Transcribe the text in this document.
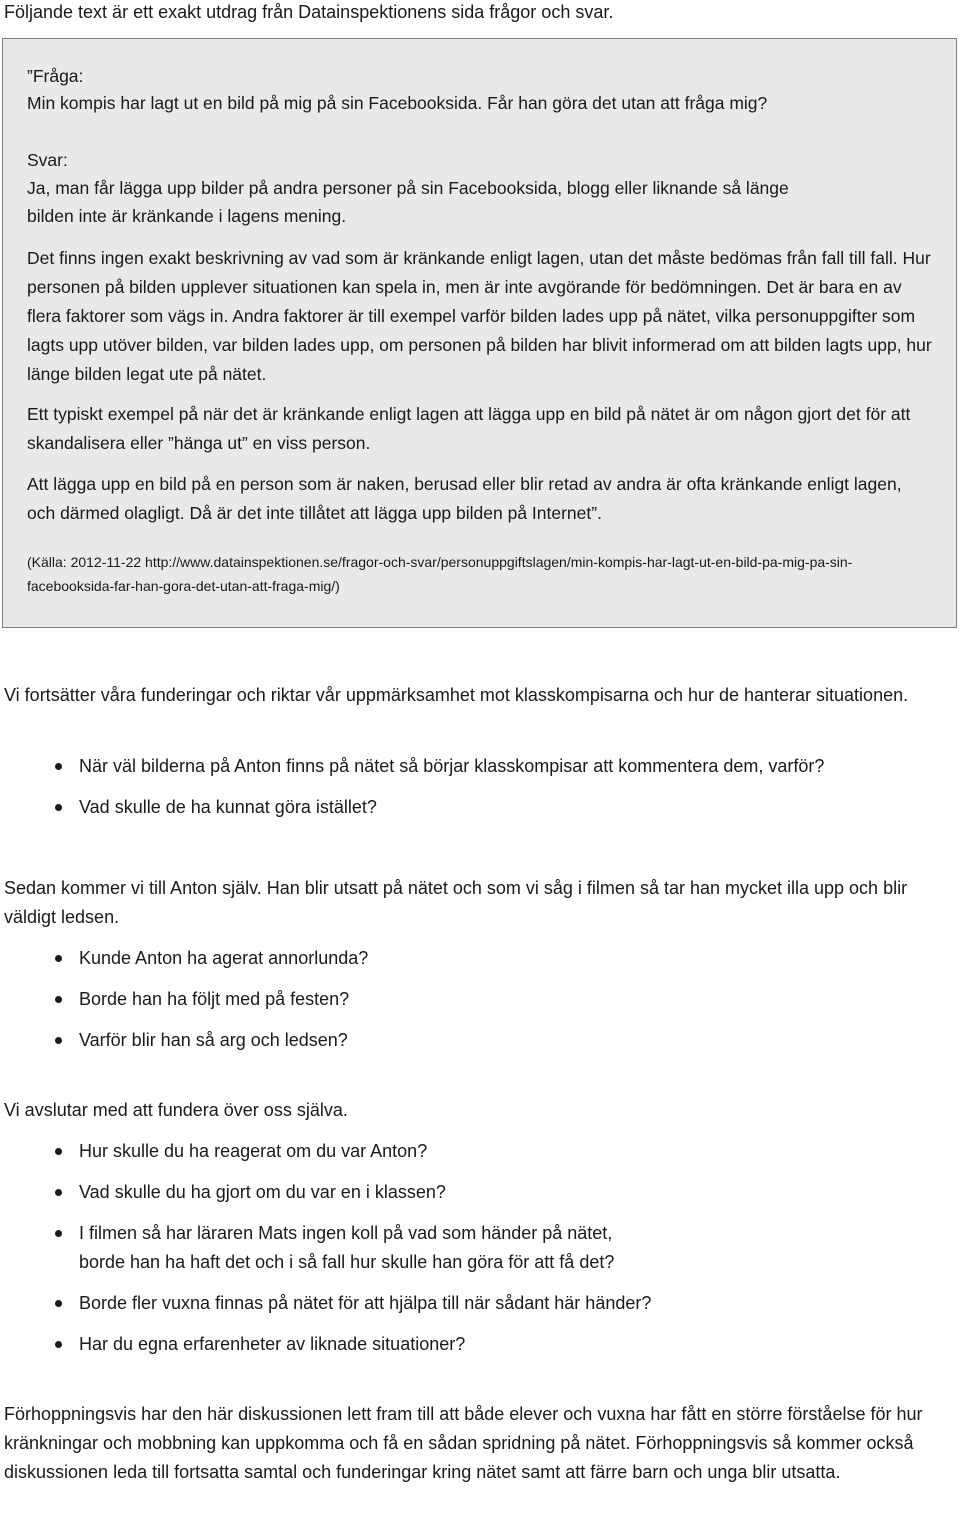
Följande text är ett exakt utdrag från Datainspektionens sida frågor och svar.
”Fråga:
Min kompis har lagt ut en bild på mig på sin Facebooksida. Får han göra det utan att fråga mig?
Svar:
Ja, man får lägga upp bilder på andra personer på sin Facebooksida, blogg eller liknande så länge
bilden inte är kränkande i lagens mening.
Det finns ingen exakt beskrivning av vad som är kränkande enligt lagen, utan det måste bedömas från fall till fall. Hur personen på bilden upplever situationen kan spela in, men är inte avgörande för bedömningen. Det är bara en av flera faktorer som vägs in. Andra faktorer är till exempel varför bilden lades upp på nätet, vilka personuppgifter som lagts upp utöver bilden, var bilden lades upp, om personen på bilden har blivit informerad om att bilden lagts upp, hur länge bilden legat ute på nätet.
Ett typiskt exempel på när det är kränkande enligt lagen att lägga upp en bild på nätet är om någon gjort det för att skandalisera eller ”hänga ut” en viss person.
Att lägga upp en bild på en person som är naken, berusad eller blir retad av andra är ofta kränkande enligt lagen, och därmed olagligt. Då är det inte tillåtet att lägga upp bilden på Internet”.
(Källa: 2012-11-22 http://www.datainspektionen.se/fragor-och-svar/personuppgiftslagen/min-kompis-har-lagt-ut-en-bild-pa-mig-pa-sin-facebooksida-far-han-gora-det-utan-att-fraga-mig/)
Vi fortsätter våra funderingar och riktar vår uppmärksamhet mot klasskompisarna och hur de hanterar situationen.
När väl bilderna på Anton finns på nätet så börjar klasskompisar att kommentera dem, varför?
Vad skulle de ha kunnat göra istället?
Sedan kommer vi till Anton själv. Han blir utsatt på nätet och som vi såg i filmen så tar han mycket illa upp och blir väldigt ledsen.
Kunde Anton ha agerat annorlunda?
Borde han ha följt med på festen?
Varför blir han så arg och ledsen?
Vi avslutar med att fundera över oss själva.
Hur skulle du ha reagerat om du var Anton?
Vad skulle du ha gjort om du var en i klassen?
I filmen så har läraren Mats ingen koll på vad som händer på nätet,
borde han ha haft det och i så fall hur skulle han göra för att få det?
Borde fler vuxna finnas på nätet för att hjälpa till när sådant här händer?
Har du egna erfarenheter av liknade situationer?
Förhoppningsvis har den här diskussionen lett fram till att både elever och vuxna har fått en större förståelse för hur kränkningar och mobbning kan uppkomma och få en sådan spridning på nätet. Förhoppningsvis så kommer också diskussionen leda till fortsatta samtal och funderingar kring nätet samt att färre barn och unga blir utsatta.
